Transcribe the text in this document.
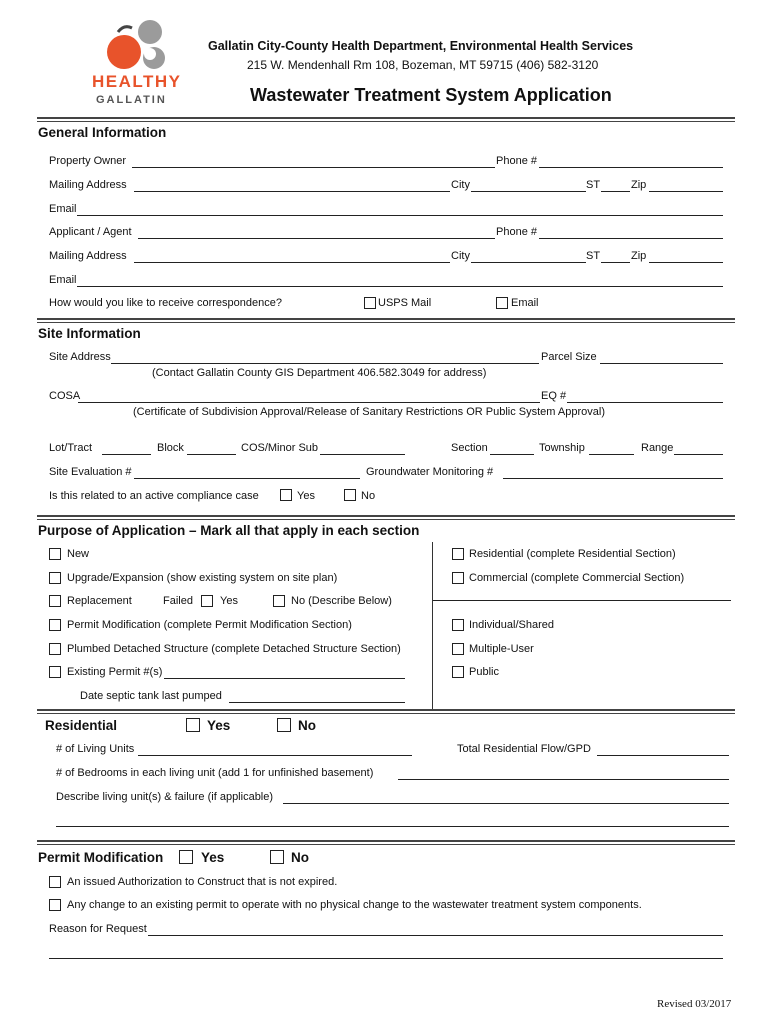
HEALTHY
GALLATIN
Gallatin City-County Health Department, Environmental Health Services
215 W. Mendenhall Rm 108, Bozeman, MT 59715 (406) 582-3120
Wastewater Treatment System Application
General Information
Property Owner	Phone #
Mailing Address	City	ST	Zip
Email
Applicant / Agent	Phone #
Mailing Address	City	ST	Zip
Email
How would you like to receive correspondence?	USPS Mail	Email
Site Information
Site Address	Parcel Size
(Contact Gallatin County GIS Department 406.582.3049 for address)
COSA	EQ #
(Certificate of Subdivision Approval/Release of Sanitary Restrictions OR Public System Approval)
Lot/Tract	Block	COS/Minor Sub	Section	Township	Range
Site Evaluation #	Groundwater Monitoring #
Is this related to an active compliance case	Yes	No
Purpose of Application – Mark all that apply in each section
New
Upgrade/Expansion (show existing system on site plan)
Replacement	Failed Yes	No (Describe Below)
Permit Modification (complete Permit Modification Section)
Plumbed Detached Structure (complete Detached Structure Section)
Existing Permit #(s)
Date septic tank last pumped
Residential (complete Residential Section)
Commercial (complete Commercial Section)
Individual/Shared
Multiple-User
Public
Residential	Yes	No
# of Living Units	Total Residential Flow/GPD
# of Bedrooms in each living unit (add 1 for unfinished basement)
Describe living unit(s) & failure (if applicable)
Permit Modification	Yes	No
An issued Authorization to Construct that is not expired.
Any change to an existing permit to operate with no physical change to the wastewater treatment system components.
Reason for Request
Revised 03/2017
